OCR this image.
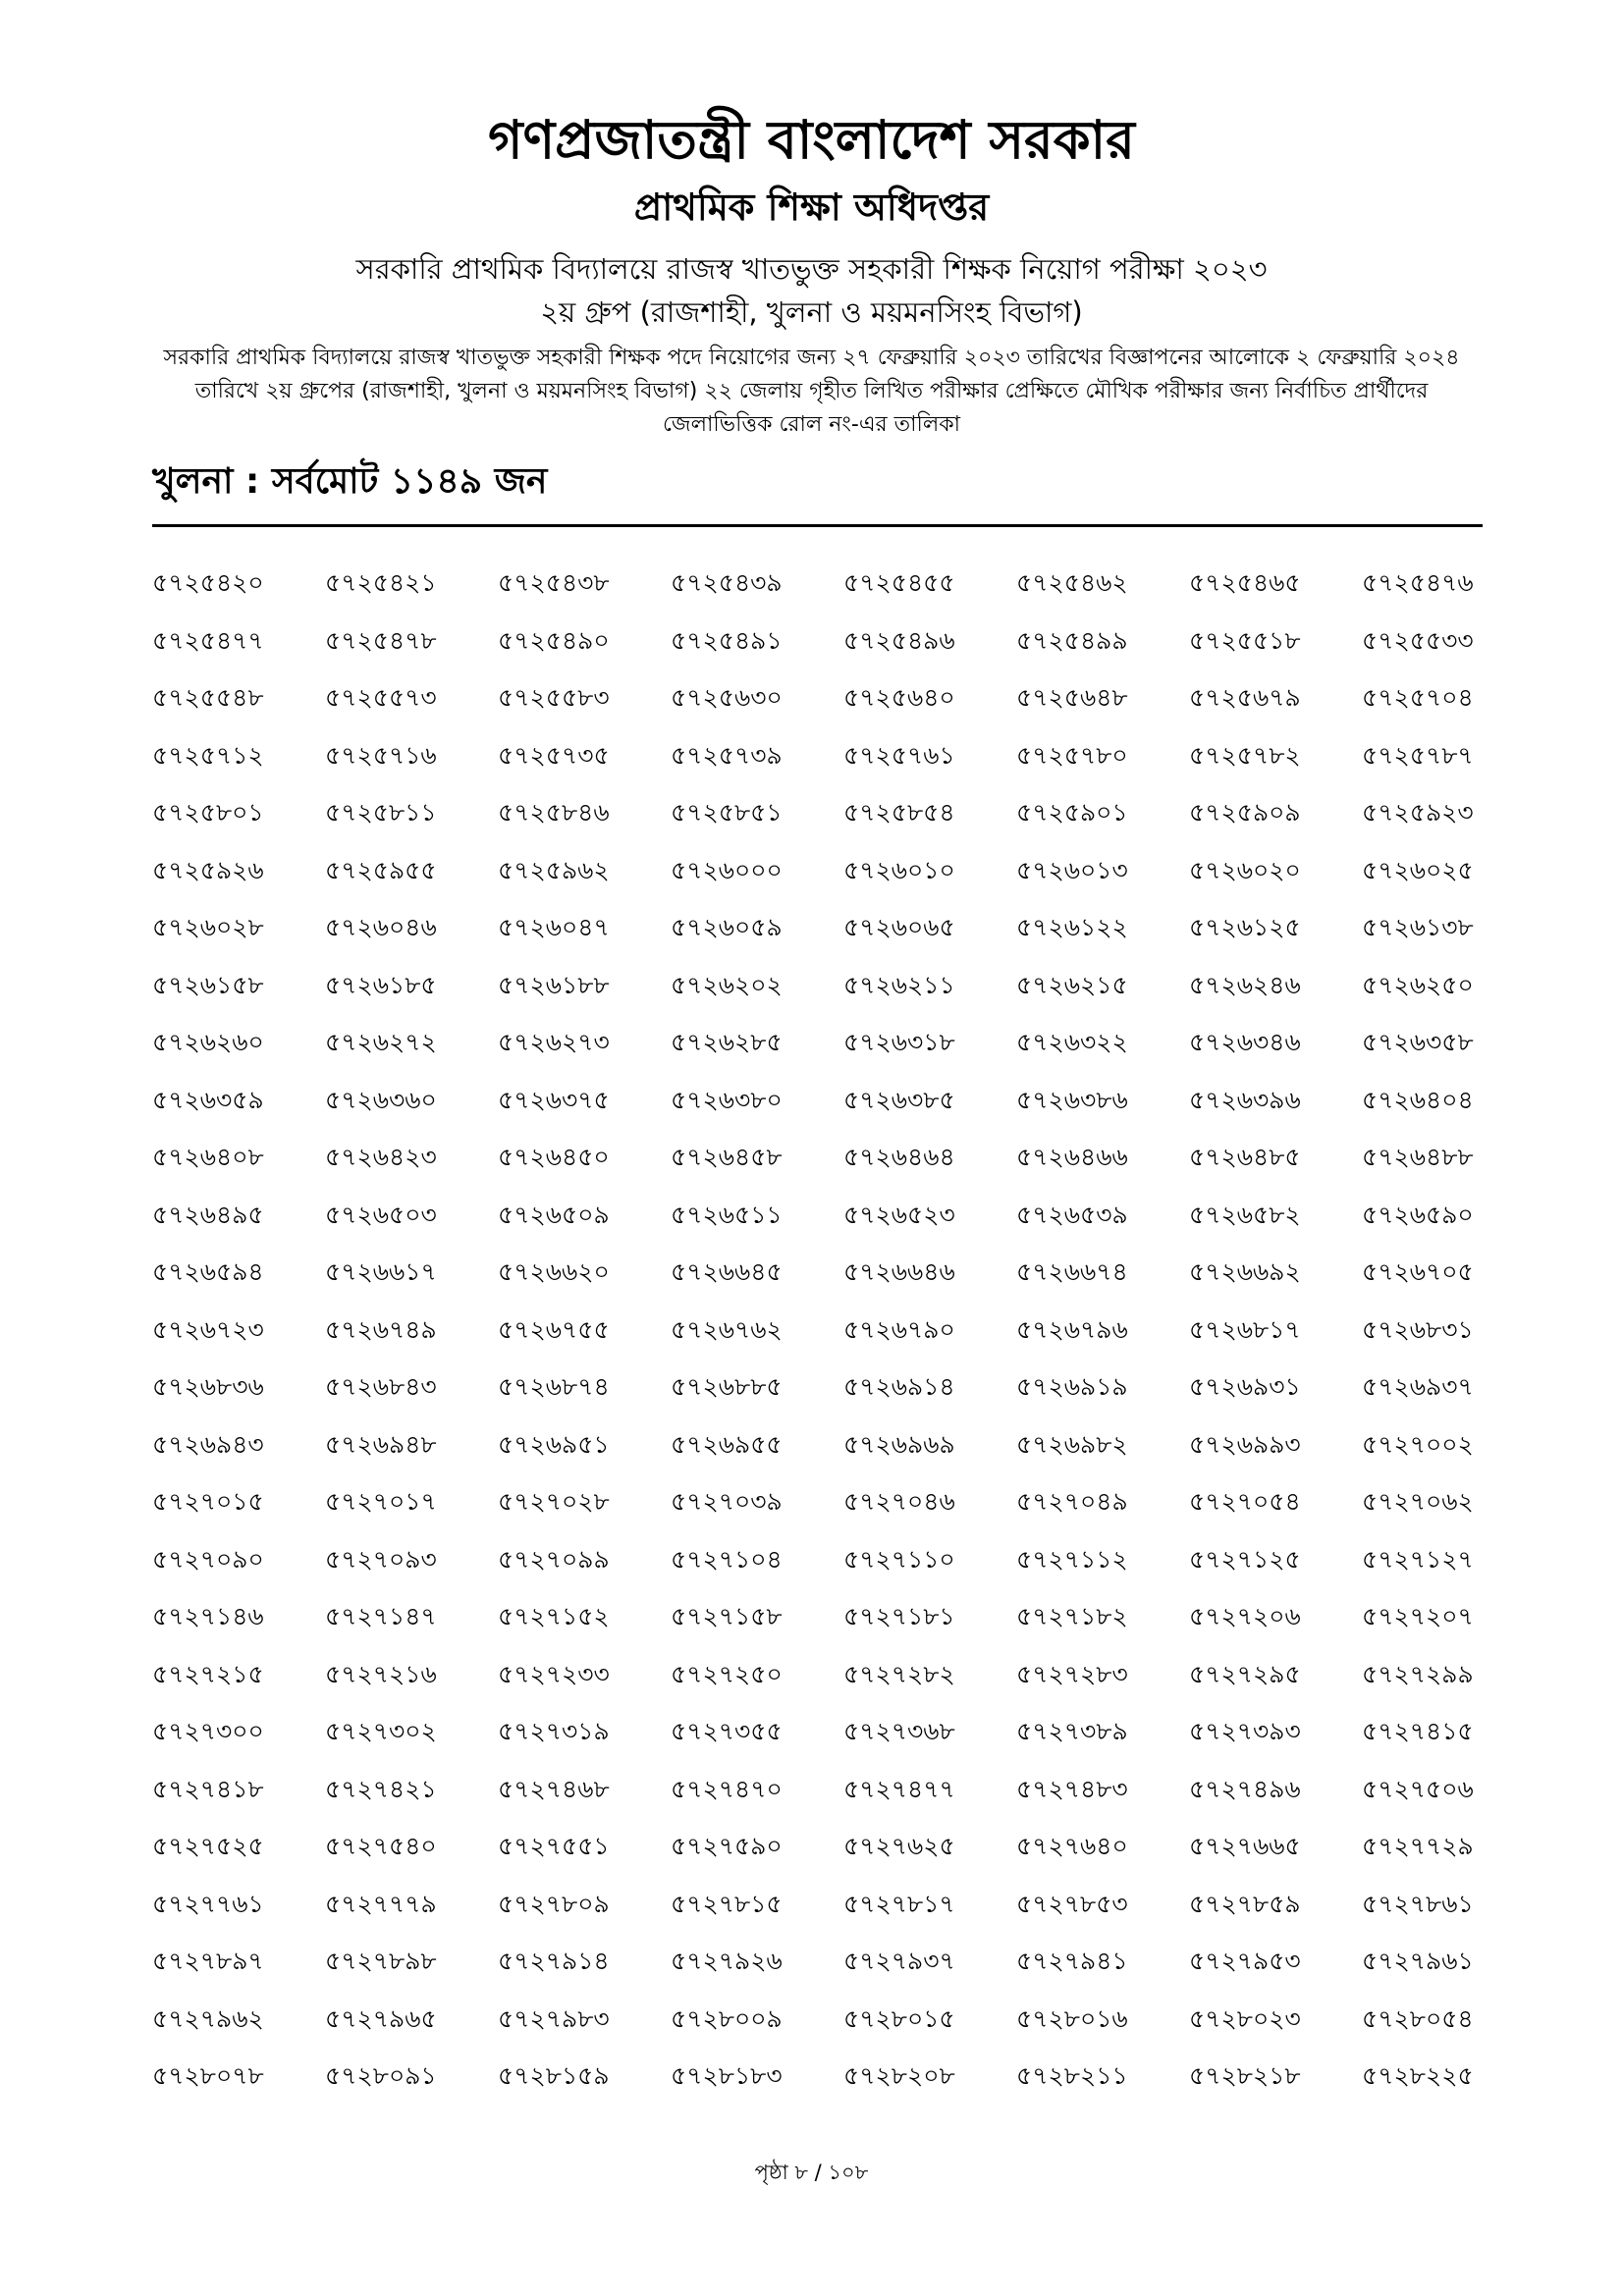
গণপ্রজাতন্ত্রী বাংলাদেশ সরকার
প্রাথমিক শিক্ষা অধিদপ্তর
সরকারি প্রাথমিক বিদ্যালয়ে রাজস্ব খাতভুক্ত সহকারী শিক্ষক নিয়োগ পরীক্ষা ২০২৩
২য় গ্রুপ (রাজশাহী, খুলনা ও ময়মনসিংহ বিভাগ)
সরকারি প্রাথমিক বিদ্যালয়ে রাজস্ব খাতভুক্ত সহকারী শিক্ষক পদে নিয়োগের জন্য ২৭ ফেব্রুয়ারি ২০২৩ তারিখের বিজ্ঞাপনের আলোকে ২ ফেব্রুয়ারি ২০২৪ তারিখে ২য় গ্রুপের (রাজশাহী, খুলনা ও ময়মনসিংহ বিভাগ) ২২ জেলায় গৃহীত লিখিত পরীক্ষার প্রেক্ষিতে মৌখিক পরীক্ষার জন্য নির্বাচিত প্রার্থীদের জেলাভিত্তিক রোল নং-এর তালিকা
খুলনা : সর্বমোট ১১৪৯ জন
৫৭২৫৪২০	৫৭২৫৪২১	৫৭২৫৪৩৮	৫৭২৫৪৩৯	৫৭২৫৪৫৫	৫৭২৫৪৬২	৫৭২৫৪৬৫	৫৭২৫৪৭৬
৫৭২৫৪৭৭	৫৭২৫৪৭৮	৫৭২৫৪৯০	৫৭২৫৪৯১	৫৭২৫৪৯৬	৫৭২৫৪৯৯	৫৭২৫৫১৮	৫৭২৫৫৩৩
৫৭২৫৫৪৮	৫৭২৫৫৭৩	৫৭২৫৫৮৩	৫৭২৫৬৩০	৫৭২৫৬৪০	৫৭২৫৬৪৮	৫৭২৫৬৭৯	৫৭২৫৭০৪
৫৭২৫৭১২	৫৭২৫৭১৬	৫৭২৫৭৩৫	৫৭২৫৭৩৯	৫৭২৫৭৬১	৫৭২৫৭৮০	৫৭২৫৭৮২	৫৭২৫৭৮৭
৫৭২৫৮০১	৫৭২৫৮১১	৫৭২৫৮৪৬	৫৭২৫৮৫১	৫৭২৫৮৫৪	৫৭২৫৯০১	৫৭২৫৯০৯	৫৭২৫৯২৩
৫৭২৫৯২৬	৫৭২৫৯৫৫	৫৭২৫৯৬২	৫৭২৬০০০	৫৭২৬০১০	৫৭২৬০১৩	৫৭২৬০২০	৫৭২৬০২৫
৫৭২৬০২৮	৫৭২৬০৪৬	৫৭২৬০৪৭	৫৭২৬০৫৯	৫৭২৬০৬৫	৫৭২৬১২২	৫৭২৬১২৫	৫৭২৬১৩৮
৫৭২৬১৫৮	৫৭২৬১৮৫	৫৭২৬১৮৮	৫৭২৬২০২	৫৭২৬২১১	৫৭২৬২১৫	৫৭২৬২৪৬	৫৭২৬২৫০
৫৭২৬২৬০	৫৭২৬২৭২	৫৭২৬২৭৩	৫৭২৬২৮৫	৫৭২৬৩১৮	৫৭২৬৩২২	৫৭২৬৩৪৬	৫৭২৬৩৫৮
৫৭২৬৩৫৯	৫৭২৬৩৬০	৫৭২৬৩৭৫	৫৭২৬৩৮০	৫৭২৬৩৮৫	৫৭২৬৩৮৬	৫৭২৬৩৯৬	৫৭২৬৪০৪
৫৭২৬৪০৮	৫৭২৬৪২৩	৫৭২৬৪৫০	৫৭২৬৪৫৮	৫৭২৬৪৬৪	৫৭২৬৪৬৬	৫৭২৬৪৮৫	৫৭২৬৪৮৮
৫৭২৬৪৯৫	৫৭২৬৫০৩	৫৭২৬৫০৯	৫৭২৬৫১১	৫৭২৬৫২৩	৫৭২৬৫৩৯	৫৭২৬৫৮২	৫৭২৬৫৯০
৫৭২৬৫৯৪	৫৭২৬৬১৭	৫৭২৬৬২০	৫৭২৬৬৪৫	৫৭২৬৬৪৬	৫৭২৬৬৭৪	৫৭২৬৬৯২	৫৭২৬৭০৫
৫৭২৬৭২৩	৫৭২৬৭৪৯	৫৭২৬৭৫৫	৫৭২৬৭৬২	৫৭২৬৭৯০	৫৭২৬৭৯৬	৫৭২৬৮১৭	৫৭২৬৮৩১
৫৭২৬৮৩৬	৫৭২৬৮৪৩	৫৭২৬৮৭৪	৫৭২৬৮৮৫	৫৭২৬৯১৪	৫৭২৬৯১৯	৫৭২৬৯৩১	৫৭২৬৯৩৭
৫৭২৬৯৪৩	৫৭২৬৯৪৮	৫৭২৬৯৫১	৫৭২৬৯৫৫	৫৭২৬৯৬৯	৫৭২৬৯৮২	৫৭২৬৯৯৩	৫৭২৭০০২
৫৭২৭০১৫	৫৭২৭০১৭	৫৭২৭০২৮	৫৭২৭০৩৯	৫৭২৭০৪৬	৫৭২৭০৪৯	৫৭২৭০৫৪	৫৭২৭০৬২
৫৭২৭০৯০	৫৭২৭০৯৩	৫৭২৭০৯৯	৫৭২৭১০৪	৫৭২৭১১০	৫৭২৭১১২	৫৭২৭১২৫	৫৭২৭১২৭
৫৭২৭১৪৬	৫৭২৭১৪৭	৫৭২৭১৫২	৫৭২৭১৫৮	৫৭২৭১৮১	৫৭২৭১৮২	৫৭২৭২০৬	৫৭২৭২০৭
৫৭২৭২১৫	৫৭২৭২১৬	৫৭২৭২৩৩	৫৭২৭২৫০	৫৭২৭২৮২	৫৭২৭২৮৩	৫৭২৭২৯৫	৫৭২৭২৯৯
৫৭২৭৩০০	৫৭২৭৩০২	৫৭২৭৩১৯	৫৭২৭৩৫৫	৫৭২৭৩৬৮	৫৭২৭৩৮৯	৫৭২৭৩৯৩	৫৭২৭৪১৫
৫৭২৭৪১৮	৫৭২৭৪২১	৫৭২৭৪৬৮	৫৭২৭৪৭০	৫৭২৭৪৭৭	৫৭২৭৪৮৩	৫৭২৭৪৯৬	৫৭২৭৫০৬
৫৭২৭৫২৫	৫৭২৭৫৪০	৫৭২৭৫৫১	৫৭২৭৫৯০	৫৭২৭৬২৫	৫৭২৭৬৪০	৫৭২৭৬৬৫	৫৭২৭৭২৯
৫৭২৭৭৬১	৫৭২৭৭৭৯	৫৭২৭৮০৯	৫৭২৭৮১৫	৫৭২৭৮১৭	৫৭২৭৮৫৩	৫৭২৭৮৫৯	৫৭২৭৮৬১
৫৭২৭৮৯৭	৫৭২৭৮৯৮	৫৭২৭৯১৪	৫৭২৭৯২৬	৫৭২৭৯৩৭	৫৭২৭৯৪১	৫৭২৭৯৫৩	৫৭২৭৯৬১
৫৭২৭৯৬২	৫৭২৭৯৬৫	৫৭২৭৯৮৩	৫৭২৮০০৯	৫৭২৮০১৫	৫৭২৮০১৬	৫৭২৮০২৩	৫৭২৮০৫৪
৫৭২৮০৭৮	৫৭২৮০৯১	৫৭২৮১৫৯	৫৭২৮১৮৩	৫৭২৮২০৮	৫৭২৮২১১	৫৭২৮২১৮	৫৭২৮২২৫
পৃষ্ঠা ৮ / ১০৮
